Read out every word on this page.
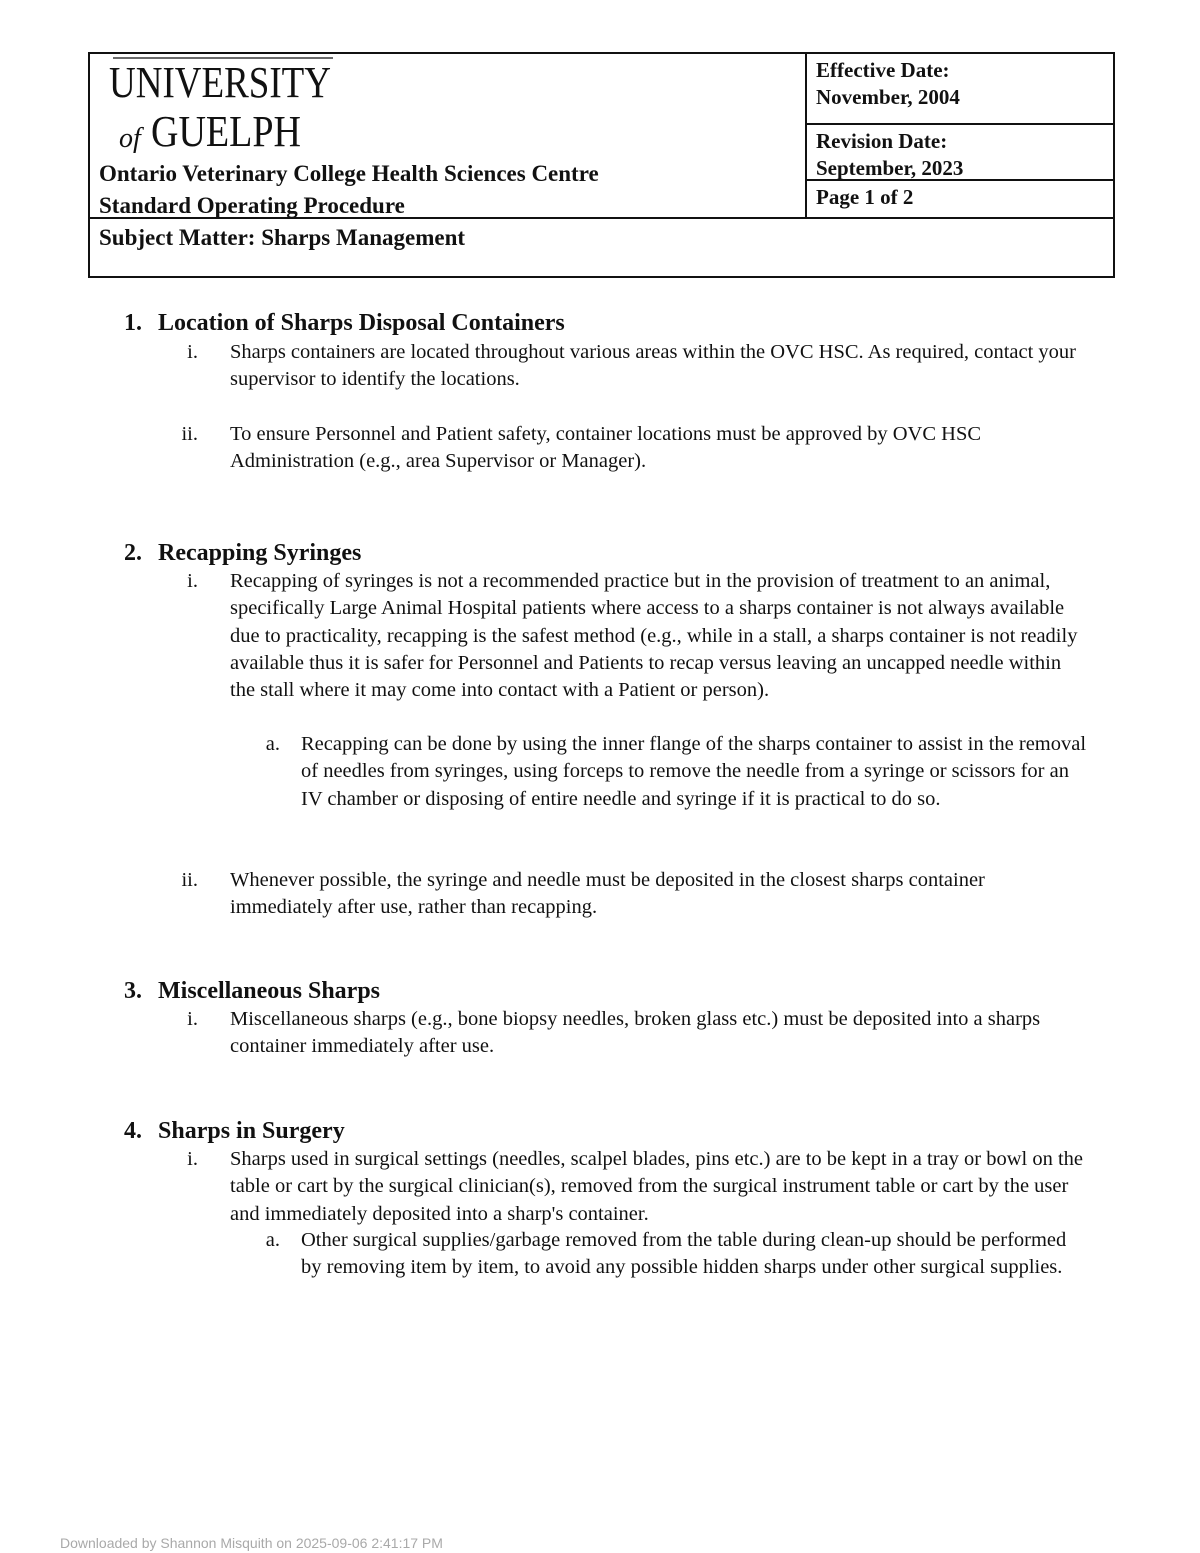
UNIVERSITY
of GUELPH
Ontario Veterinary College Health Sciences Centre
Standard Operating Procedure
Effective Date:
November, 2004
Revision Date:
September, 2023
Page 1 of 2
Subject Matter: Sharps Management
1. Location of Sharps Disposal Containers
i. Sharps containers are located throughout various areas within the OVC HSC. As required, contact your supervisor to identify the locations.
ii. To ensure Personnel and Patient safety, container locations must be approved by OVC HSC Administration (e.g., area Supervisor or Manager).
2. Recapping Syringes
i. Recapping of syringes is not a recommended practice but in the provision of treatment to an animal, specifically Large Animal Hospital patients where access to a sharps container is not always available due to practicality, recapping is the safest method (e.g., while in a stall, a sharps container is not readily available thus it is safer for Personnel and Patients to recap versus leaving an uncapped needle within the stall where it may come into contact with a Patient or person).
a. Recapping can be done by using the inner flange of the sharps container to assist in the removal of needles from syringes, using forceps to remove the needle from a syringe or scissors for an IV chamber or disposing of entire needle and syringe if it is practical to do so.
ii. Whenever possible, the syringe and needle must be deposited in the closest sharps container immediately after use, rather than recapping.
3. Miscellaneous Sharps
i. Miscellaneous sharps (e.g., bone biopsy needles, broken glass etc.) must be deposited into a sharps container immediately after use.
4. Sharps in Surgery
i. Sharps used in surgical settings (needles, scalpel blades, pins etc.) are to be kept in a tray or bowl on the table or cart by the surgical clinician(s), removed from the surgical instrument table or cart by the user and immediately deposited into a sharp's container.
a. Other surgical supplies/garbage removed from the table during clean-up should be performed by removing item by item, to avoid any possible hidden sharps under other surgical supplies.
Downloaded by Shannon Misquith on 2025-09-06 2:41:17 PM
